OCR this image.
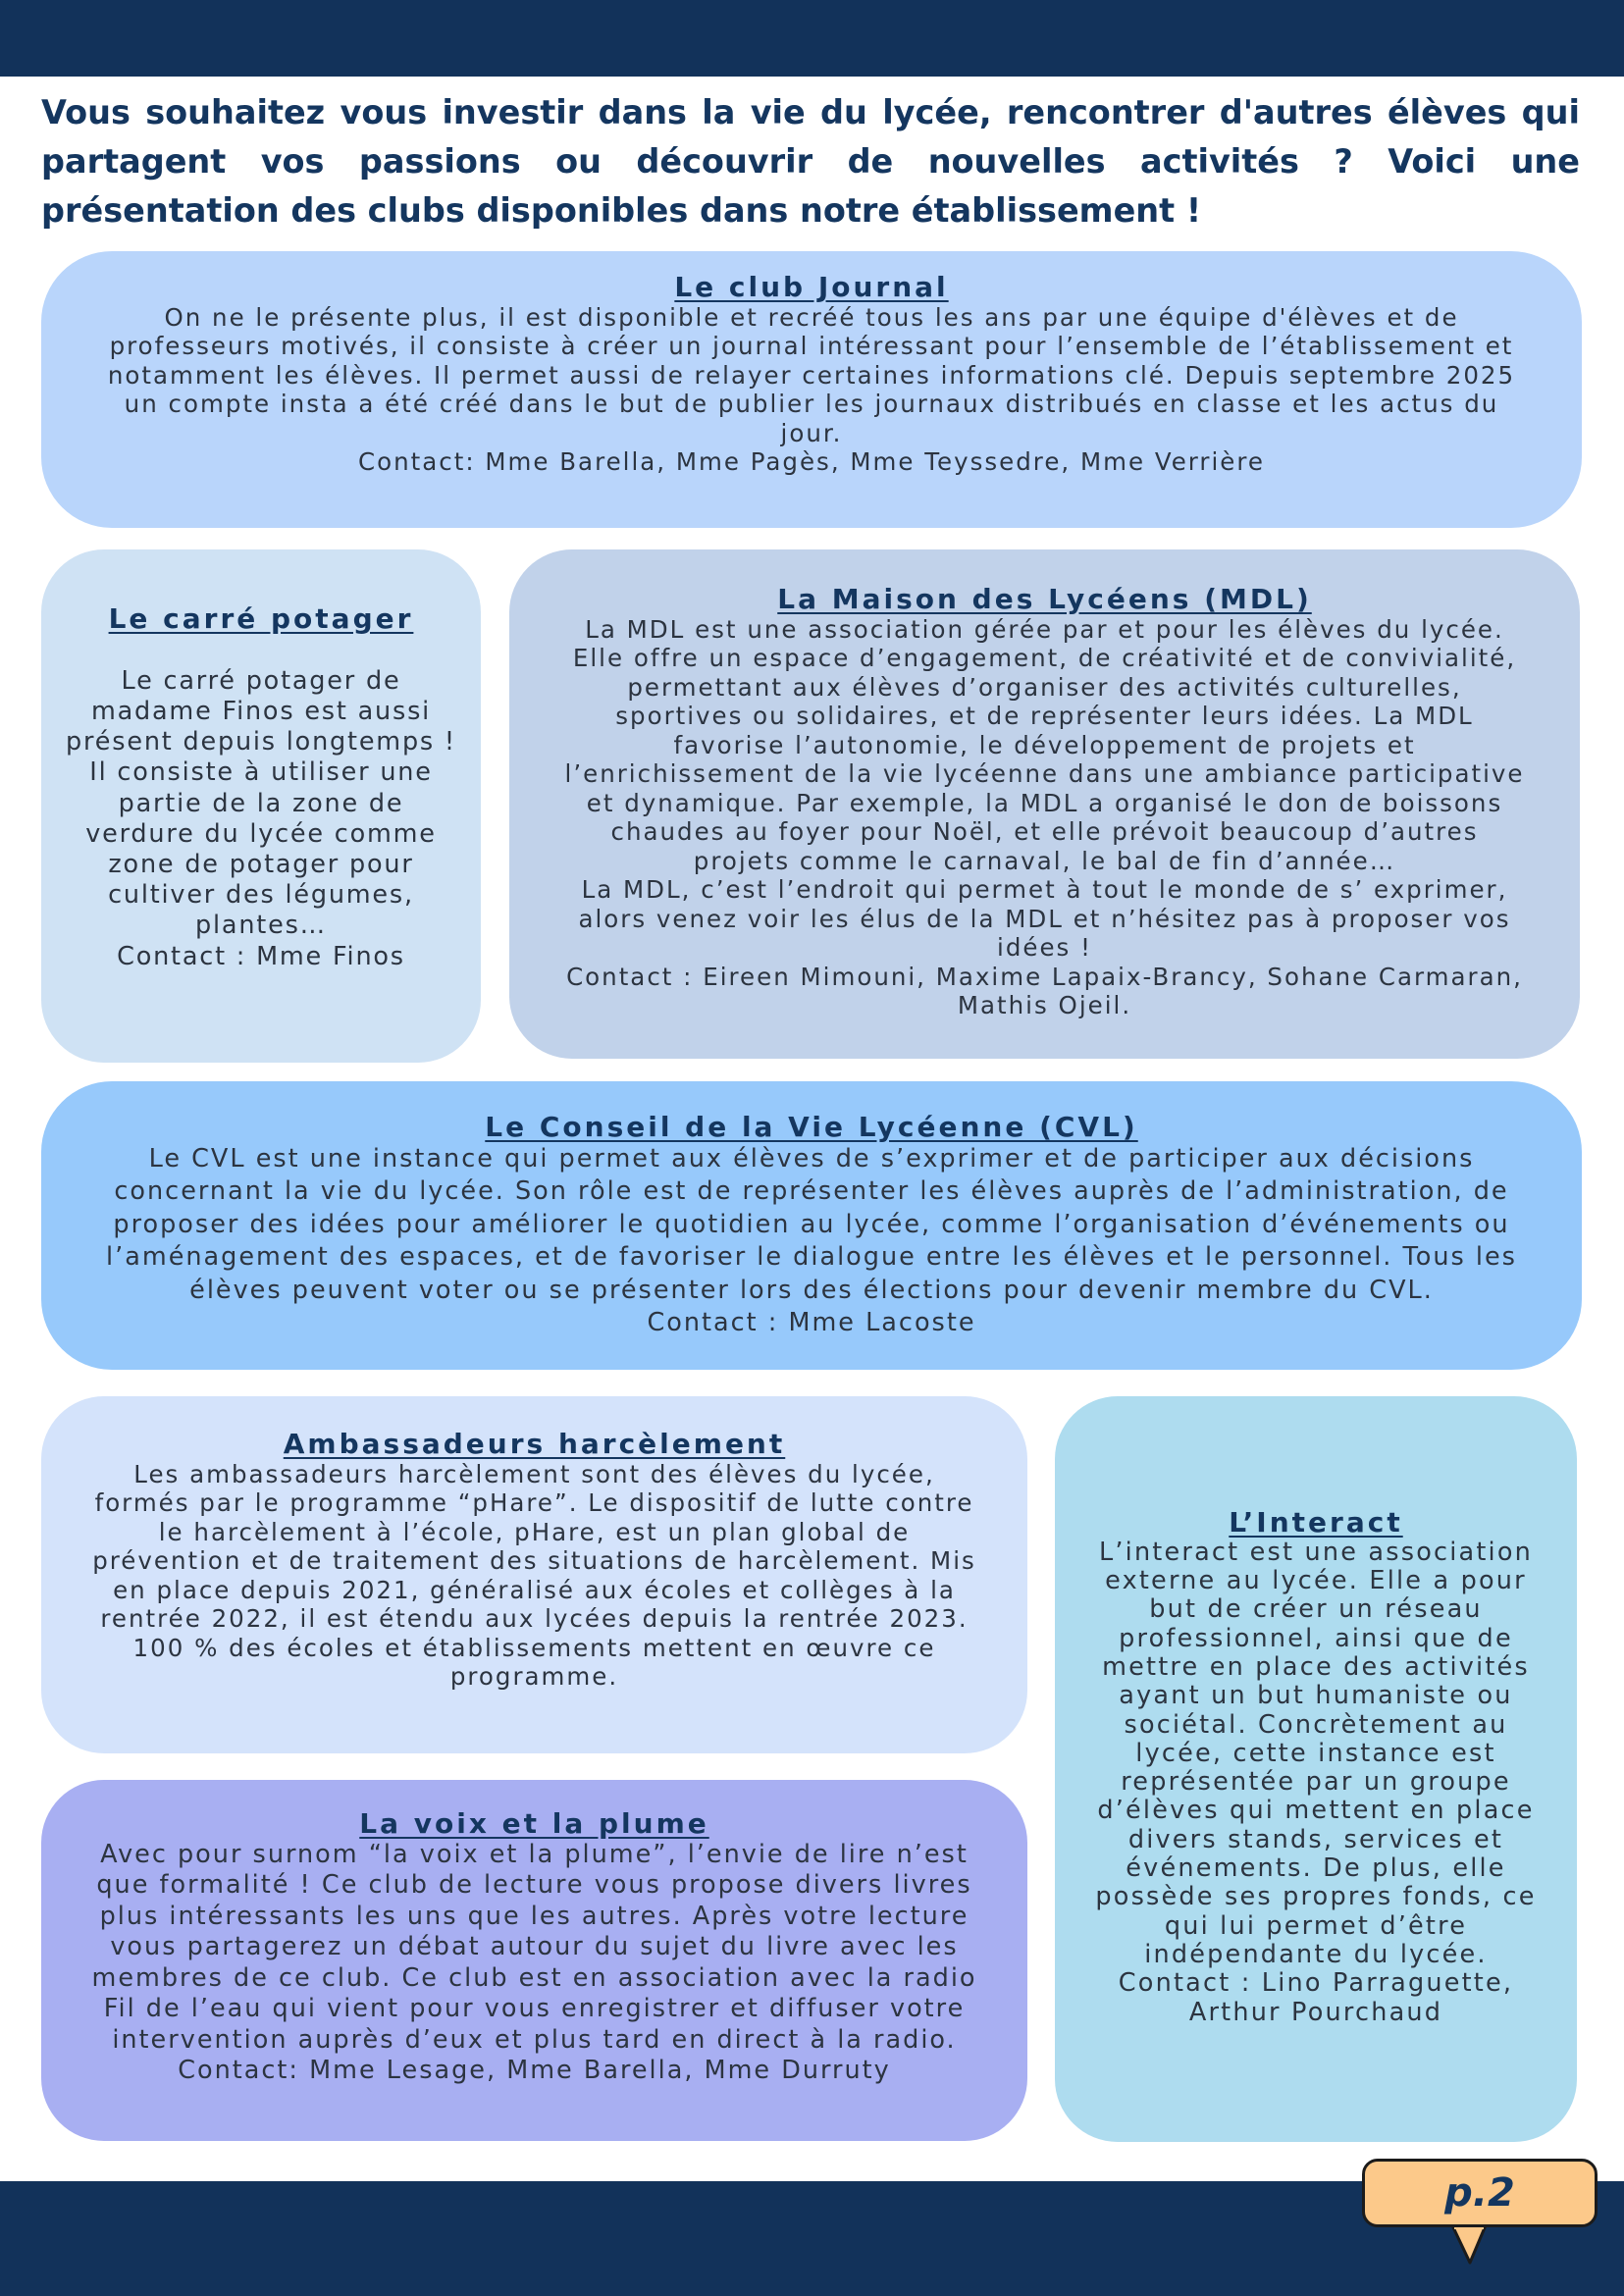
Vous souhaitez vous investir dans la vie du lycée, rencontrer d'autres élèves qui partagent vos passions ou découvrir de nouvelles activités ? Voici une présentation des clubs disponibles dans notre établissement !

Le club Journal

On ne le présente plus, il est disponible et recréé tous les ans par une équipe d'élèves et de
professeurs motivés, il consiste à créer un journal intéressant pour l’ensemble de l’établissement et
notamment les élèves. Il permet aussi de relayer certaines informations clé. Depuis septembre 2025
un compte insta a été créé dans le but de publier les journaux distribués en classe et les actus du
jour.

Contact: Mme Barella, Mme Pagès, Mme Teyssedre, Mme Verrière

Le carré potager

Le carré potager de
madame Finos est aussi
présent depuis longtemps !
Il consiste à utiliser une
partie de la zone de
verdure du lycée comme
zone de potager pour
cultiver des légumes,
plantes…

Contact : Mme Finos

La Maison des Lycéens (MDL)

La MDL est une association gérée par et pour les élèves du lycée.
Elle offre un espace d’engagement, de créativité et de convivialité,
permettant aux élèves d’organiser des activités culturelles,
sportives ou solidaires, et de représenter leurs idées. La MDL
favorise l’autonomie, le développement de projets et
l’enrichissement de la vie lycéenne dans une ambiance participative
et dynamique. Par exemple, la MDL a organisé le don de boissons
chaudes au foyer pour Noël, et elle prévoit beaucoup d’autres
projets comme le carnaval, le bal de fin d’année…
La MDL, c’est l’endroit qui permet à tout le monde de s’ exprimer,
alors venez voir les élus de la MDL et n’hésitez pas à proposer vos
idées !

Contact : Eireen Mimouni, Maxime Lapaix-Brancy, Sohane Carmaran,
Mathis Ojeil.

Le Conseil de la Vie Lycéenne (CVL)

Le CVL est une instance qui permet aux élèves de s’exprimer et de participer aux décisions
concernant la vie du lycée. Son rôle est de représenter les élèves auprès de l’administration, de
proposer des idées pour améliorer le quotidien au lycée, comme l’organisation d’événements ou
l’aménagement des espaces, et de favoriser le dialogue entre les élèves et le personnel. Tous les
élèves peuvent voter ou se présenter lors des élections pour devenir membre du CVL.

Contact : Mme Lacoste

Ambassadeurs harcèlement

Les ambassadeurs harcèlement sont des élèves du lycée,
formés par le programme “pHare”. Le dispositif de lutte contre
le harcèlement à l’école, pHare, est un plan global de
prévention et de traitement des situations de harcèlement. Mis
en place depuis 2021, généralisé aux écoles et collèges à la
rentrée 2022, il est étendu aux lycées depuis la rentrée 2023.
100 % des écoles et établissements mettent en œuvre ce
programme.

La voix et la plume

Avec pour surnom “la voix et la plume”, l’envie de lire n’est
que formalité ! Ce club de lecture vous propose divers livres
plus intéressants les uns que les autres. Après votre lecture
vous partagerez un débat autour du sujet du livre avec les
membres de ce club. Ce club est en association avec la radio
Fil de l’eau qui vient pour vous enregistrer et diffuser votre
intervention auprès d’eux et plus tard en direct à la radio.

Contact: Mme Lesage, Mme Barella, Mme Durruty

L’Interact

L’interact est une association
externe au lycée. Elle a pour
but de créer un réseau
professionnel, ainsi que de
mettre en place des activités
ayant un but humaniste ou
sociétal. Concrètement au
lycée, cette instance est
représentée par un groupe
d’élèves qui mettent en place
divers stands, services et
événements. De plus, elle
possède ses propres fonds, ce
qui lui permet d’être
indépendante du lycée.

Contact : Lino Parraguette,
Arthur Pourchaud

p.2
